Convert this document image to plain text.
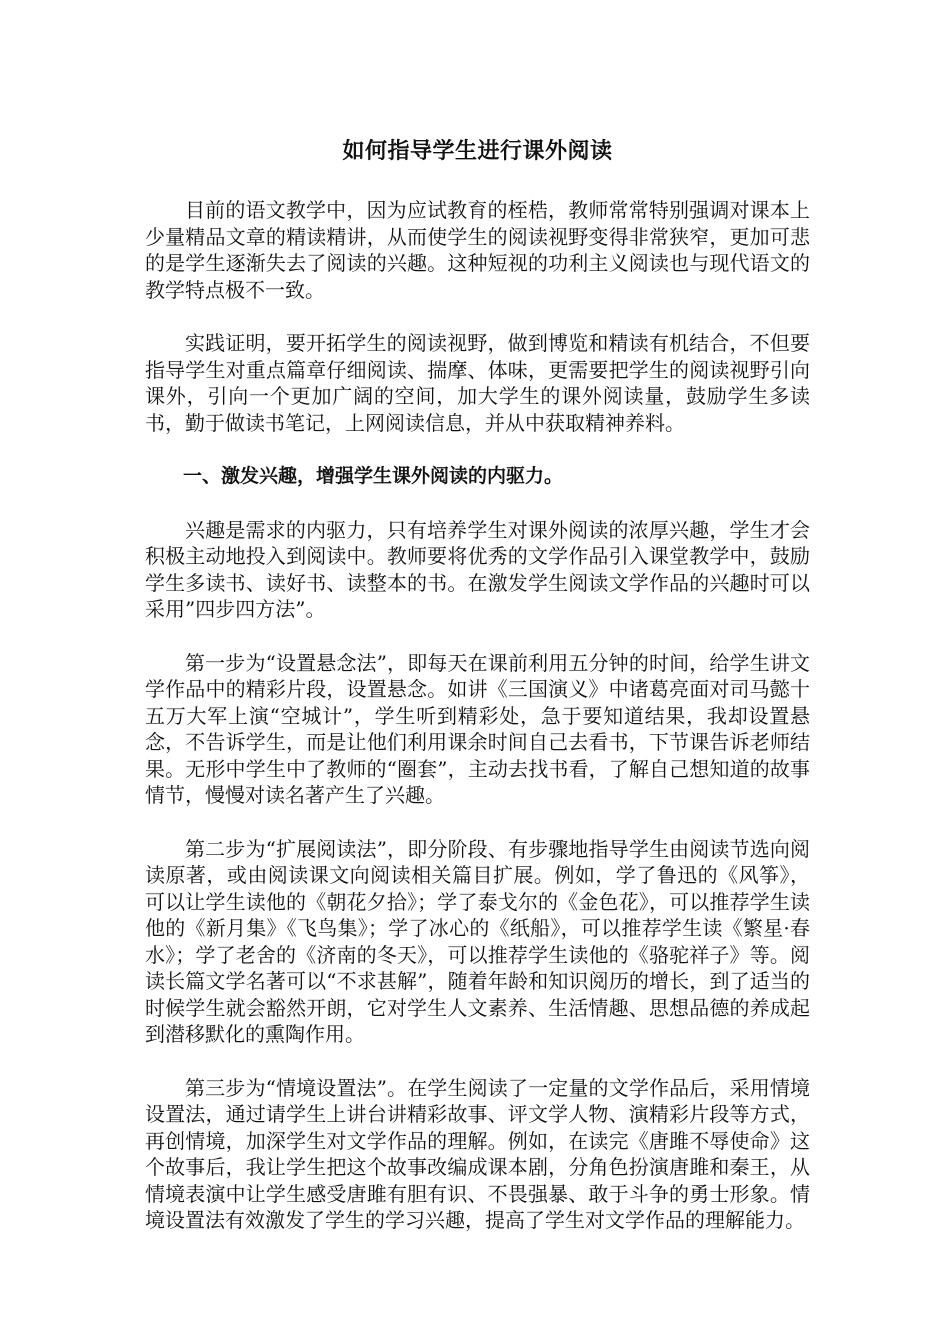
如何指导学生进行课外阅读

目前的语文教学中，因为应试教育的桎梏，教师常常特别强调对课本上少量精品文章的精读精讲，从而使学生的阅读视野变得非常狭窄，更加可悲的是学生逐渐失去了阅读的兴趣。这种短视的功利主义阅读也与现代语文的教学特点极不一致。

实践证明，要开拓学生的阅读视野，做到博览和精读有机结合，不但要指导学生对重点篇章仔细阅读、揣摩、体味，更需要把学生的阅读视野引向课外，引向一个更加广阔的空间，加大学生的课外阅读量，鼓励学生多读书，勤于做读书笔记，上网阅读信息，并从中获取精神养料。

一、激发兴趣，增强学生课外阅读的内驱力。

兴趣是需求的内驱力，只有培养学生对课外阅读的浓厚兴趣，学生才会积极主动地投入到阅读中。教师要将优秀的文学作品引入课堂教学中，鼓励学生多读书、读好书、读整本的书。在激发学生阅读文学作品的兴趣时可以采用”四步四方法”。

第一步为“设置悬念法”，即每天在课前利用五分钟的时间，给学生讲文学作品中的精彩片段，设置悬念。如讲《三国演义》中诸葛亮面对司马懿十五万大军上演“空城计”，学生听到精彩处，急于要知道结果，我却设置悬念，不告诉学生，而是让他们利用课余时间自己去看书，下节课告诉老师结果。无形中学生中了教师的“圈套”，主动去找书看，了解自己想知道的故事情节，慢慢对读名著产生了兴趣。

第二步为“扩展阅读法”，即分阶段、有步骤地指导学生由阅读节选向阅读原著，或由阅读课文向阅读相关篇目扩展。例如，学了鲁迅的《风筝》，可以让学生读他的《朝花夕拾》；学了泰戈尔的《金色花》，可以推荐学生读他的《新月集》《飞鸟集》；学了冰心的《纸船》，可以推荐学生读《繁星·春水》；学了老舍的《济南的冬天》，可以推荐学生读他的《骆驼祥子》等。阅读长篇文学名著可以“不求甚解”，随着年龄和知识阅历的增长，到了适当的时候学生就会豁然开朗，它对学生人文素养、生活情趣、思想品德的养成起到潜移默化的熏陶作用。

第三步为“情境设置法”。在学生阅读了一定量的文学作品后，采用情境设置法，通过请学生上讲台讲精彩故事、评文学人物、演精彩片段等方式，再创情境，加深学生对文学作品的理解。例如，在读完《唐雎不辱使命》这个故事后，我让学生把这个故事改编成课本剧，分角色扮演唐雎和秦王，从情境表演中让学生感受唐雎有胆有识、不畏强暴、敢于斗争的勇士形象。情境设置法有效激发了学生的学习兴趣，提高了学生对文学作品的理解能力。
